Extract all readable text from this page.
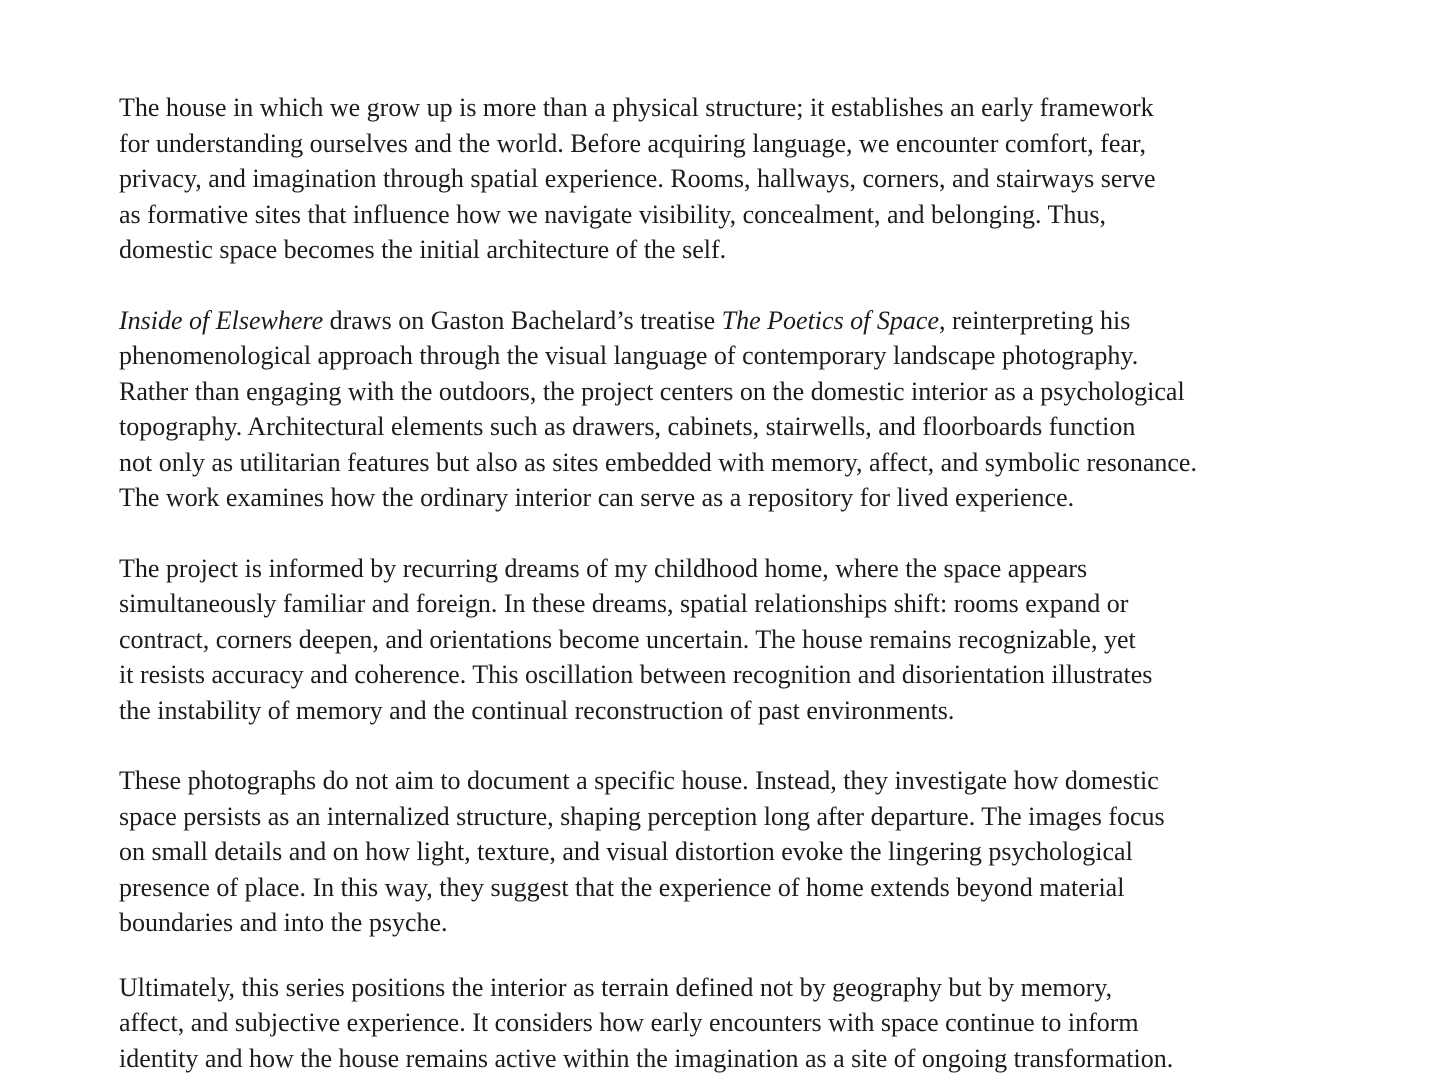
The house in which we grow up is more than a physical structure; it establishes an early framework
for understanding ourselves and the world. Before acquiring language, we encounter comfort, fear,
privacy, and imagination through spatial experience. Rooms, hallways, corners, and stairways serve
as formative sites that influence how we navigate visibility, concealment, and belonging. Thus,
domestic space becomes the initial architecture of the self.

Inside of Elsewhere draws on Gaston Bachelard’s treatise The Poetics of Space, reinterpreting his
phenomenological approach through the visual language of contemporary landscape photography.
Rather than engaging with the outdoors, the project centers on the domestic interior as a psychological
topography. Architectural elements such as drawers, cabinets, stairwells, and floorboards function
not only as utilitarian features but also as sites embedded with memory, affect, and symbolic resonance.
The work examines how the ordinary interior can serve as a repository for lived experience.

The project is informed by recurring dreams of my childhood home, where the space appears
simultaneously familiar and foreign. In these dreams, spatial relationships shift: rooms expand or
contract, corners deepen, and orientations become uncertain. The house remains recognizable, yet
it resists accuracy and coherence. This oscillation between recognition and disorientation illustrates
the instability of memory and the continual reconstruction of past environments.

These photographs do not aim to document a specific house. Instead, they investigate how domestic
space persists as an internalized structure, shaping perception long after departure. The images focus
on small details and on how light, texture, and visual distortion evoke the lingering psychological
presence of place. In this way, they suggest that the experience of home extends beyond material
boundaries and into the psyche.

Ultimately, this series positions the interior as terrain defined not by geography but by memory,
affect, and subjective experience. It considers how early encounters with space continue to inform
identity and how the house remains active within the imagination as a site of ongoing transformation.
